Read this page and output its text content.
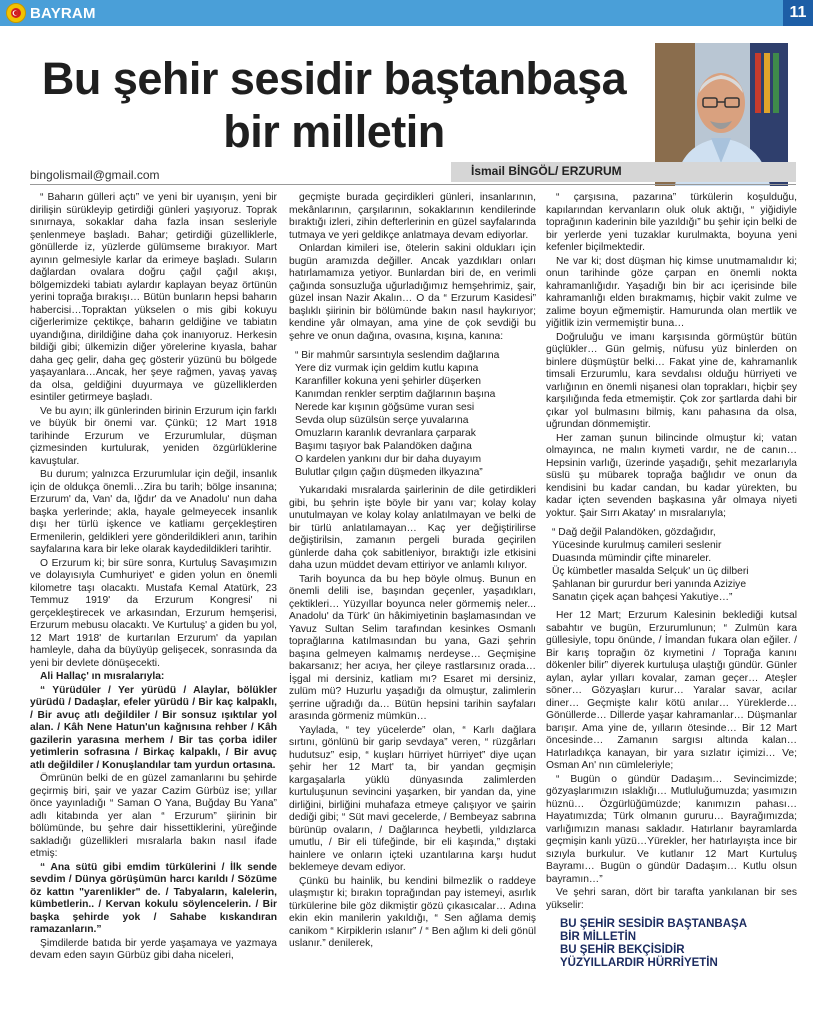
BAYRAM	11
Bu şehir sesidir baştanbaşa
bir milletin
bingolismail@gmail.com	İsmail BİNGÖL/ ERZURUM

“ Baharın gülleri açtı” ve yeni bir uyanışın, yeni bir dirilişin sürükleyip getirdiği günleri yaşıyoruz. Toprak sınırnaya, sokaklar daha fazla insan sesleriyle şenlenmeye başladı. Bahar; getirdiği güzelliklerle, gönüllerde iz, yüzlerde gülümseme bırakıyor. Mart ayının gelmesiyle karlar da erimeye başladı. Suların dağlardan ovalara doğru çağıl çağıl akışı, bölgemizdeki tabiatı aylardır kaplayan beyaz örtünün yerini toprağa bırakışı… Bütün bunların hepsi baharın habercisi…Topraktan yükselen o mis gibi kokuyu ciğerlerimize çektikçe, baharın geldiğine ve tabiatın uyandığına, dirildiğine daha çok inanıyoruz. Herkesin bildiği gibi; ülkemizin diğer yörelerine kıyasla, bahar daha geç gelir, daha geç gösterir yüzünü bu bölgede yaşayanlara…Ancak, her şeye rağmen, yavaş yavaş da olsa, geldiğini duyurmaya ve güzelliklerden esintiler getirmeye başladı.

Ve bu ayın; ilk günlerinden birinin Erzurum için farklı ve büyük bir önemi var. Çünkü; 12 Mart 1918 tarihinde Erzurum ve Erzurumlular, düşman çizmesinden kurtulurak, yeniden özgürlüklerine kavuştular.

Bu durum; yalnızca Erzurumlular için değil, insanlık için de oldukça önemli…Zira bu tarih; bölge insanına; Erzurum' da, Van' da, Iğdır' da ve Anadolu' nun daha başka yerlerinde; akla, hayale gelmeyecek insanlık dışı her türlü işkence ve katliamı gerçekleştiren Ermenilerin, geldikleri yere gönderildikleri anın, tarihin sayfalarına kara bir leke olarak kaydedildikleri tarihtir.

O Erzurum ki; bir süre sonra, Kurtuluş Savaşımızın ve dolayısıyla Cumhuriyet' e giden yolun en önemli kilometre taşı olacaktı. Mustafa Kemal Atatürk, 23 Temmuz 1919' da Erzurum Kongresi' ni gerçekleştirecek ve arkasından, Erzurum hemşerisi, Erzurum mebusu olacaktı. Ve Kurtuluş' a giden bu yol, 12 Mart 1918' de kurtarılan Erzurum' da yapılan hamleyle, daha da büyüyüp gelişecek, sonrasında da yeni bir devlete dönüşecekti.

Ali Hallaç' ın mısralarıyla:

“ Yürüdüler / Yer yürüdü / Alaylar, bölükler yürüdü / Dadaşlar, efeler yürüdü / Bir kaç kalpaklı, / Bir avuç atlı değildiler / Bir sonsuz ışıktılar yol alan. / Kâh Nene Hatun'un kağnısına rehber / Kâh gazilerin yarasına merhem / Bir tas çorba idiler yetimlerin sofrasına / Birkaç kalpaklı, / Bir avuç atlı değildiler / Konuşlandılar tam yurdun ortasına.

Ömrünün belki de en güzel zamanlarını bu şehirde geçirmiş biri, şair ve yazar Cazim Gürbüz ise; yıllar önce yayınladığı “ Saman O Yana, Buğday Bu Yana” adlı kitabında yer alan “ Erzurum” şiirinin bir bölümünde, bu şehre dair hissettiklerini, yüreğinde sakladığı güzellikleri mısralarla bakın nasıl ifade etmiş:

“ Ana sütü gibi emdim türkülerini / İlk sende sevdim / Dünya görüşümün harcı karıldı / Sözüme öz kattın "yarenlikler" de. / Tabyaların, kalelerin, kümbetlerin.. / Kervan kokulu söylencelerin. / Bir başka şehirde yok / Sahabe kıskandıran ramazanların.”

Şimdilerde batıda bir yerde yaşamaya ve yazmaya devam eden sayın Gürbüz gibi daha niceleri,

geçmişte burada geçirdikleri günleri, insanlarının, mekânlarının, çarşılarının, sokaklarının kendilerinde bıraktığı izleri, zihin defterlerinin en güzel sayfalarında tutmaya ve yeri geldikçe anlatmaya devam ediyorlar.

Onlardan kimileri ise, ötelerin sakini oldukları için bugün aramızda değiller. Ancak yazdıkları onları hatırlamamıza yetiyor. Bunlardan biri de, en verimli çağında sonsuzluğa uğurladığımız hemşehrimiz, şair, güzel insan Nazir Akalın… O da “ Erzurum Kasidesi” başlıklı şiirinin bir bölümünde bakın nasıl haykırıyor; kendine yâr olmayan, ama yine de çok sevdiği bu şehre ve onun dağına, ovasına, kışına, kanına:

“ Bir mahmûr sarsıntıyla seslendim dağlarına
Yere diz vurmak için geldim kutlu kapına
Karanfiller kokuna yeni şehirler düşerken
Kanımdan renkler serptim dağlarının başına
Nerede kar kışının göğsüme vuran sesi
Sevda olup süzülsün serçe yuvalarına
Omuzların karanlık devranlara çarparak
Başımı taşıyor bak Palandöken dağına
O kardelen yankını dur bir daha duyayım
Bulutlar çılgın çağın düşmeden ilkyazına”

Yukarıdaki mısralarda şairlerinin de dile getirdikleri gibi, bu şehrin işte böyle bir yanı var; kolay kolay unutulmayan ve kolay kolay anlatılmayan ve belki de bir türlü anlatılamayan… Kaç yer değiştirilirse değiştirilsin, zamanın pergeli burada geçirilen günlerde daha çok sabitleniyor, bıraktığı izle etkisini daha uzun müddet devam ettiriyor ve anlamlı kılıyor.

Tarih boyunca da bu hep böyle olmuş. Bunun en önemli delili ise, başından geçenler, yaşadıkları, çektikleri… Yüzyıllar boyunca neler görmemiş neler... Anadolu' da Türk' ün hâkimiyetinin başlamasından ve Yavuz Sultan Selim tarafından kesinkes Osmanlı toprağlarına katılmasından bu yana, Gazi şehrin başına gelmeyen kalmamış nerdeyse… Geçmişine bakarsanız; her acıya, her çileye rastlarsınız orada… İşgal mi dersiniz, katliam mı? Esaret mi dersiniz, zulüm mü? Huzurlu yaşadığı da olmuştur, zalimlerin şerrine uğradığı da… Bütün hepsini tarihin sayfaları arasında görmeniz mümkün…

Yaylada, “ tey yücelerde” olan, “ Karlı dağlara sırtını, gönlünü bir garip sevdaya” veren, “ rüzgârları hudutsuz” esip, “ kuşları hürriyet hürriyet” diye uçan şehir her 12 Mart' ta, bir yandan geçmişin kargaşalarla yüklü dünyasında zalimlerden kurtuluşunun sevincini yaşarken, bir yandan da, yine dirliğini, birliğini muhafaza etmeye çalışıyor ve şairin dediği gibi; “ Süt mavi gecelerde, / Bembeyaz sabrına bürünüp ovaların, / Dağlarınca heybetli, yıldızlarca umutlu, / Bir eli tüfeğinde, bir eli kaşında,” dıştaki hainlere ve onların içteki uzantılarına karşı hudut beklemeye devam ediyor.

Çünkü bu hainlik, bu kendini bilmezlik o raddeye ulaşmıştır ki; bırakın toprağından pay istemeyi, asırlık türkülerine bile göz dikmiştir gözü çıkasıcalar… Adına ekin ekin manilerin yakıldığı, “ Sen ağlama demiş canikom “ Kirpiklerin ıslanır” / “ Ben ağlım ki deli gönül uslanır.” denilerek,

“ çarşısına, pazarına” türkülerin koşulduğu, kapılarından kervanların oluk oluk aktığı, “ yiğidiyle toprağının kaderinin bile yazıldığı” bu şehir için belki de bir yerlerde yeni tuzaklar kurulmakta, boyuna yeni kefenler biçilmektedir.

Ne var ki; dost düşman hiç kimse unutmamalıdır ki; onun tarihinde göze çarpan en önemli nokta kahramanlığıdır. Yaşadığı bin bir acı içerisinde bile kahramanlığı elden bırakmamış, hiçbir vakit zulme ve zalime boyun eğmemiştir. Hamurunda olan mertlik ve yiğitlik izin vermemiştir buna…

Doğruluğu ve imanı karşısında görmüştür bütün güçlükler… Gün gelmiş, nüfusu yüz binlerden on binlere düşmüştür belki… Fakat yine de, kahramanlık timsali Erzurumlu, kara sevdalısı olduğu hürriyeti ve varlığının en önemli nişanesi olan toprakları, hiçbir şey karşılığında feda etmemiştir. Çok zor şartlarda dahi bir çıkar yol bulmasını bilmiş, kanı pahasına da olsa, uğrundan dönmemiştir.

Her zaman şunun bilincinde olmuştur ki; vatan olmayınca, ne malın kıymeti vardır, ne de canın… Hepsinin varlığı, üzerinde yaşadığı, şehit mezarlarıyla süslü şu mübarek toprağa bağlıdır ve onun da kendisini bu kadar candan, bu kadar yürekten, bu kadar içten sevenden başkasına yâr olmaya niyeti yoktur. Şair Sırrı Akatay' ın mısralarıyla;

“ Dağ değil Palandöken, gözdağıdır,
Yücesinde kurulmuş camileri seslenir
Duasında mümindir çifte minareler.
Üç kümbetler masalda Selçuk' un üç dilberi
Şahlanan bir gururdur beri yanında Aziziye
Sanatın çiçek açan bahçesi Yakutiye…”

Her 12 Mart; Erzurum Kalesinin beklediği kutsal sabahtır ve bugün, Erzurumlunun; “ Zulmün kara güllesiyle, topu önünde, / İmandan fukara olan eğiler. / Bir karış toprağın öz kıymetini / Toprağa kanını dökenler bilir” diyerek kurtuluşa ulaştığı gündür. Günler aylan, aylar yılları kovalar, zaman geçer… Ateşler söner… Gözyaşları kurur… Yaralar savar, acılar diner… Geçmişte kalır kötü anılar… Yüreklerde… Gönüllerde… Dillerde yaşar kahramanlar… Düşmanlar barışır. Ama yine de, yılların ötesinde… Bir 12 Mart öncesinde… Zamanın sargısı altında kalan… Hatırladıkça kanayan, bir yara sızlatır içimizi… Ve; Osman An' nın cümleleriyle;

“ Bugün o gündür Dadaşım… Sevincimizde; gözyaşlarımızın ıslaklığı… Mutluluğumuzda; yasımızın hüznü… Özgürlüğümüzde; kanımızın pahası… Hayatımızda; Türk olmanın gururu… Bayrağımızda; varlığımızın manası sakladır. Hatırlanır bayramlarda geçmişin kanlı yüzü…Yürekler, her hatırlayışta ince bir sızıyla burkulur. Ve kutlanır 12 Mart Kurtuluş Bayramı… Bugün o gündür Dadaşım… Kutlu olsun bayramın…”

Ve şehri saran, dört bir tarafta yankılanan bir ses yükselir:

BU ŞEHİR SESİDİR BAŞTANBAŞA
BİR MİLLETİN
BU ŞEHİR BEKÇİSİDİR
YÜZYILLARDIR HÜRRİYETİN
